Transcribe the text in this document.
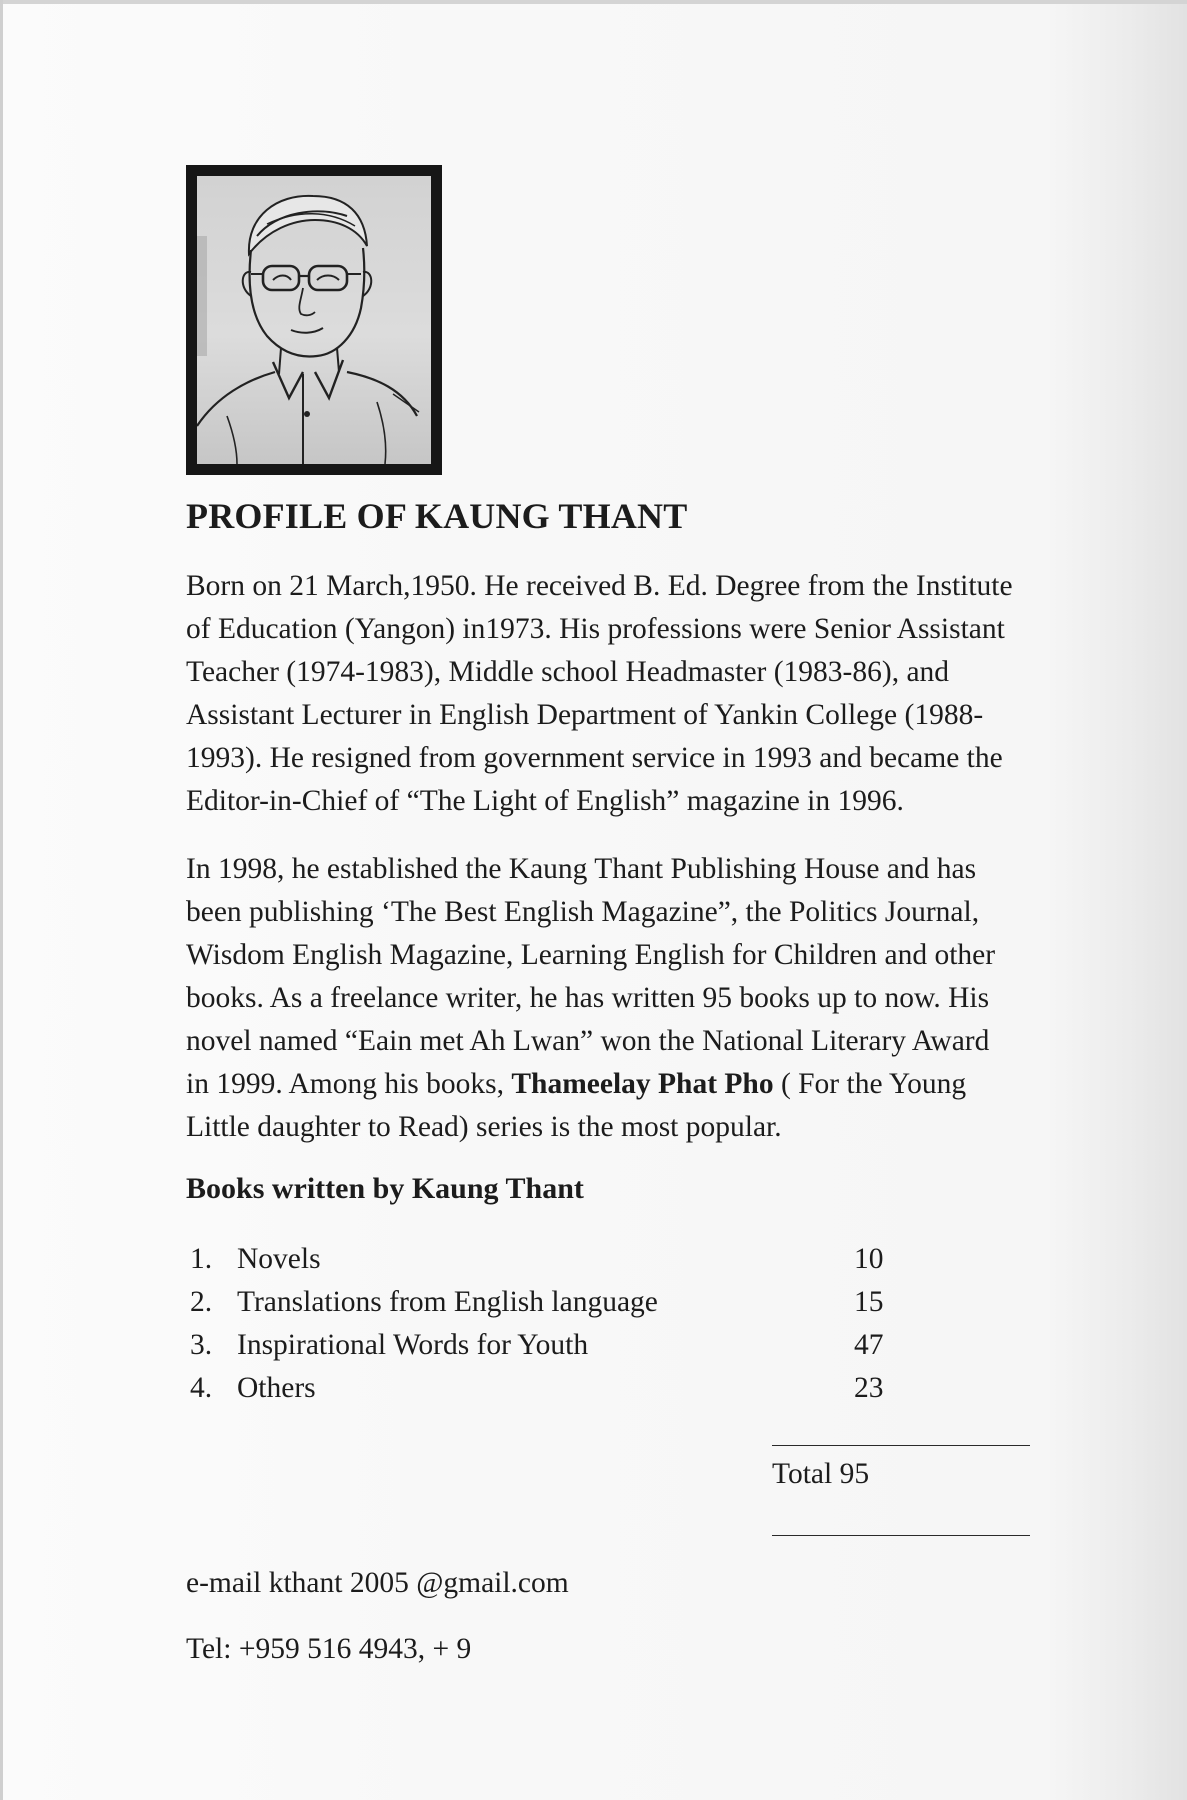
PROFILE OF KAUNG THANT

Born on 21 March,1950. He received B. Ed. Degree from the Institute
of Education (Yangon) in1973. His professions were Senior Assistant
Teacher (1974-1983), Middle school Headmaster (1983-86), and
Assistant Lecturer in English Department of Yankin College (1988-
1993). He resigned from government service in 1993 and became the
Editor-in-Chief of “The Light of English” magazine in 1996.

In 1998, he established the Kaung Thant Publishing House and has
been publishing ‘The Best English Magazine”, the Politics Journal,
Wisdom English Magazine, Learning English for Children and other
books. As a freelance writer, he has written 95 books up to now. His
novel named “Eain met Ah Lwan” won the National Literary Award
in 1999. Among his books, Thameelay Phat Pho ( For the Young
Little daughter to Read) series is the most popular.

Books written by Kaung Thant
1. Novels	10
2. Translations from English language	15
3. Inspirational Words for Youth	47
4. Others	23
Total 95
e-mail kthant 2005 @gmail.com
Tel: +959 516 4943, + 9
